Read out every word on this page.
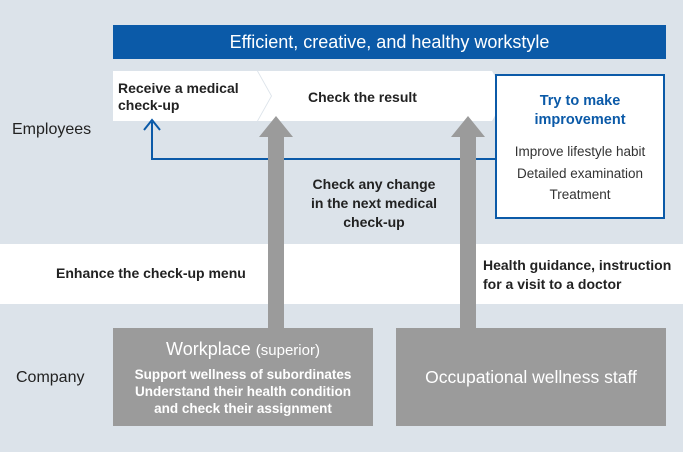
Efficient, creative, and healthy workstyle
Employees
Company
Receive a medical
check-up	Check the result	Try to make
improvement
Improve lifestyle habit
Detailed examination
Treatment
Check any change
in the next medical
check-up
Enhance the check-up menu	Health guidance, instruction
for a visit to a doctor
Workplace (superior)
Support wellness of subordinates
Understand their health condition
and check their assignment
Occupational wellness staff
